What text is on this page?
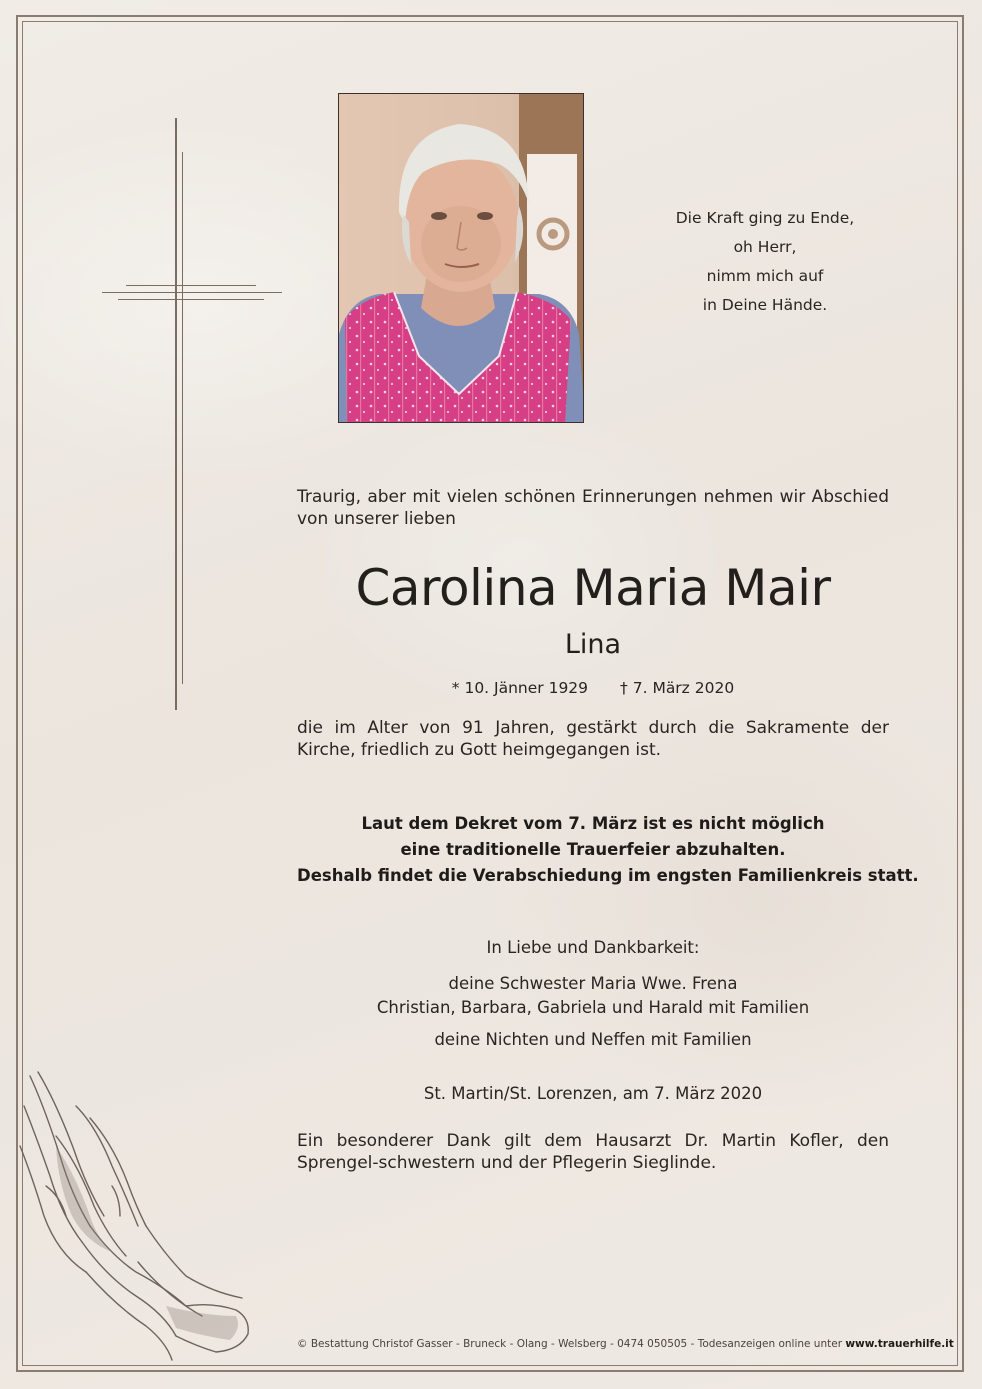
Die Kraft ging zu Ende,
oh Herr,
nimm mich auf
in Deine Hände.
Traurig, aber mit vielen schönen Erinnerungen nehmen wir Abschied von unserer lieben
Carolina Maria Mair
Lina
* 10. Jänner 1929 † 7. März 2020
die im Alter von 91 Jahren, gestärkt durch die Sakramente der Kirche, friedlich zu Gott heimgegangen ist.
Laut dem Dekret vom 7. März ist es nicht möglich
eine traditionelle Trauerfeier abzuhalten.
Deshalb findet die Verabschiedung im engsten Familienkreis statt.
In Liebe und Dankbarkeit:
deine Schwester Maria Wwe. Frena
Christian, Barbara, Gabriela und Harald mit Familien
deine Nichten und Neffen mit Familien
St. Martin/St. Lorenzen, am 7. März 2020
Ein besonderer Dank gilt dem Hausarzt Dr. Martin Kofler, den Sprengel-schwestern und der Pflegerin Sieglinde.
© Bestattung Christof Gasser - Bruneck - Olang - Welsberg - 0474 050505 - Todesanzeigen online unter www.trauerhilfe.it
